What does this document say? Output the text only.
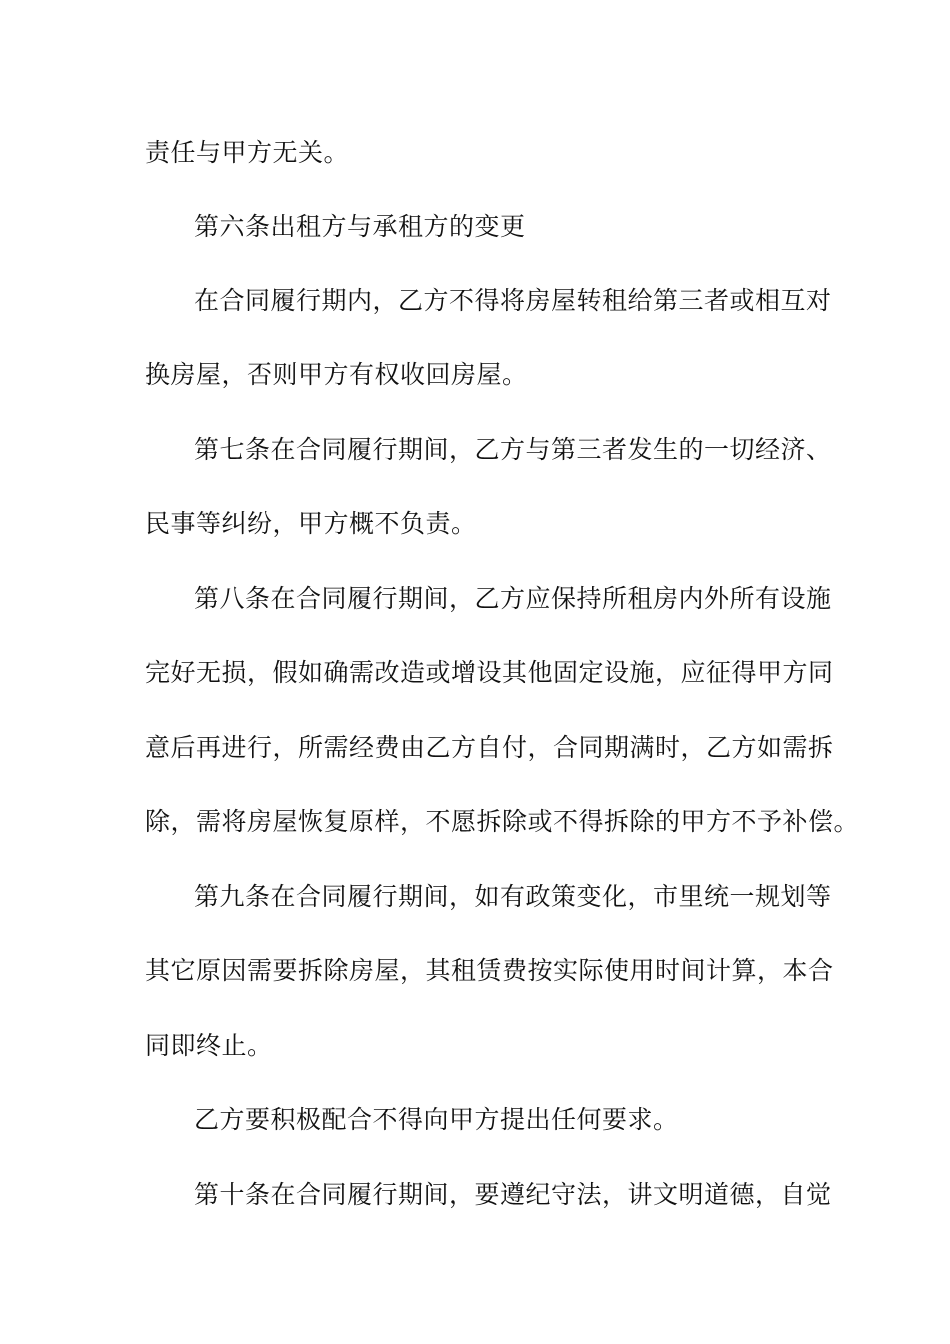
责任与甲方无关。

第六条出租方与承租方的变更

在合同履行期内，乙方不得将房屋转租给第三者或相互对

换房屋，否则甲方有权收回房屋。

第七条在合同履行期间，乙方与第三者发生的一切经济、

民事等纠纷，甲方概不负责。

第八条在合同履行期间，乙方应保持所租房内外所有设施

完好无损，假如确需改造或增设其他固定设施，应征得甲方同

意后再进行，所需经费由乙方自付，合同期满时，乙方如需拆

除，需将房屋恢复原样，不愿拆除或不得拆除的甲方不予补偿。

第九条在合同履行期间，如有政策变化，市里统一规划等

其它原因需要拆除房屋，其租赁费按实际使用时间计算，本合

同即终止。

乙方要积极配合不得向甲方提出任何要求。

第十条在合同履行期间，要遵纪守法，讲文明道德，自觉
